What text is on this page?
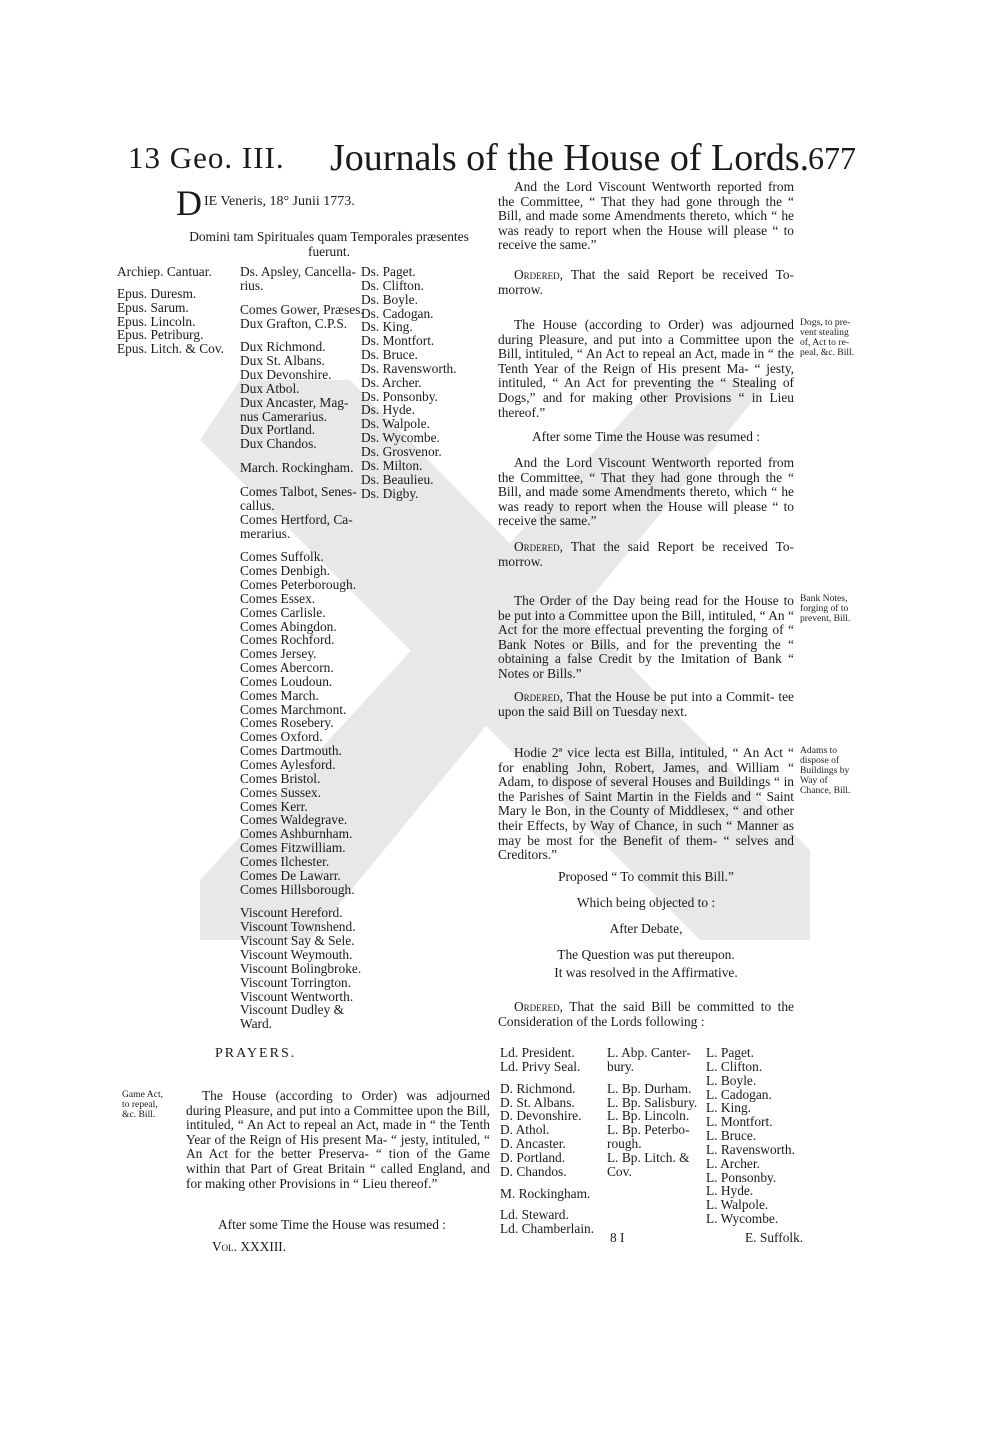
13 Geo. III. Journals of the House of Lords.
677
D IE Veneris, 18° Junii 1773.
Domini tam Spirituales quam Temporales præsentes
fuerunt.
Archiep. Cantuar.
Epus. Duresm.
Epus. Sarum.
Epus. Lincoln.
Epus. Petriburg.
Epus. Litch. & Cov.
Ds. Apsley, Cancella-
rius.
Comes Gower, Præses.
Dux Grafton, C.P.S.
Dux Richmond.
Dux St. Albans.
Dux Devonshire.
Dux Atbol.
Dux Ancaster, Mag-
nus Camerarius.
Dux Portland.
Dux Chandos.
March. Rockingham.
Comes Talbot, Senes-
callus.
Comes Hertford, Ca-
merarius.
Comes Suffolk.
Comes Denbigh.
Comes Peterborough.
Comes Essex.
Comes Carlisle.
Comes Abingdon.
Comes Rochford.
Comes Jersey.
Comes Abercorn.
Comes Loudoun.
Comes March.
Comes Marchmont.
Comes Rosebery.
Comes Oxford.
Comes Dartmouth.
Comes Aylesford.
Comes Bristol.
Comes Sussex.
Comes Kerr.
Comes Waldegrave.
Comes Ashburnham.
Comes Fitzwilliam.
Comes Ilchester.
Comes De Lawarr.
Comes Hillsborough.
Viscount Hereford.
Viscount Townshend.
Viscount Say & Sele.
Viscount Weymouth.
Viscount Bolingbroke.
Viscount Torrington.
Viscount Wentworth.
Viscount Dudley &
Ward.
Ds. Paget.
Ds. Clifton.
Ds. Boyle.
Ds. Cadogan.
Ds. King.
Ds. Montfort.
Ds. Bruce.
Ds. Ravensworth.
Ds. Archer.
Ds. Ponsonby.
Ds. Hyde.
Ds. Walpole.
Ds. Wycombe.
Ds. Grosvenor.
Ds. Milton.
Ds. Beaulieu.
Ds. Digby.
PRAYERS.
Game Act,
to repeal,
&c. Bill.
The House (according to Order) was adjourned during Pleasure, and put into a Committee upon the Bill, intituled, “ An Act to repeal an Act, made in “ the Tenth Year of the Reign of His present Ma- “ jesty, intituled, “ An Act for the better Preserva- “ tion of the Game within that Part of Great Britain “ called England, and for making other Provisions in “ Lieu thereof.”
After some Time the House was resumed :
Vol. XXXIII.
And the Lord Viscount Wentworth reported from the Committee, “ That they had gone through the “ Bill, and made some Amendments thereto, which “ he was ready to report when the House will please “ to receive the same.”
Ordered, That the said Report be received To- morrow.
Dogs, to pre-
vent stealing
of, Act to re-
peal, &c. Bill.
The House (according to Order) was adjourned during Pleasure, and put into a Committee upon the Bill, intituled, “ An Act to repeal an Act, made in “ the Tenth Year of the Reign of His present Ma- “ jesty, intituled, “ An Act for preventing the “ Stealing of Dogs,” and for making other Provisions “ in Lieu thereof.”
After some Time the House was resumed :
And the Lord Viscount Wentworth reported from the Committee, “ That they had gone through the “ Bill, and made some Amendments thereto, which “ he was ready to report when the House will please “ to receive the same.”
Ordered, That the said Report be received To- morrow.
Bank Notes,
forging of to
prevent, Bill.
The Order of the Day being read for the House to be put into a Committee upon the Bill, intituled, “ An “ Act for the more effectual preventing the forging of “ Bank Notes or Bills, and for the preventing the “ obtaining a false Credit by the Imitation of Bank “ Notes or Bills.”
Ordered, That the House be put into a Commit- tee upon the said Bill on Tuesday next.
Adams to
dispose of
Buildings by
Way of
Chance, Bill.
Hodie 2ª vice lecta est Billa, intituled, “ An Act “ for enabling John, Robert, James, and William “ Adam, to dispose of several Houses and Buildings “ in the Parishes of Saint Martin in the Fields and “ Saint Mary le Bon, in the County of Middlesex, “ and other their Effects, by Way of Chance, in such “ Manner as may be most for the Benefit of them- “ selves and Creditors.”
Proposed “ To commit this Bill.”
Which being objected to :
After Debate,
The Question was put thereupon.
It was resolved in the Affirmative.
Ordered, That the said Bill be committed to the Consideration of the Lords following :
Ld. President.
Ld. Privy Seal.
D. Richmond.
D. St. Albans.
D. Devonshire.
D. Athol.
D. Ancaster.
D. Portland.
D. Chandos.
M. Rockingham.
Ld. Steward.
Ld. Chamberlain.
L. Abp. Canter-
bury.
L. Bp. Durham.
L. Bp. Salisbury.
L. Bp. Lincoln.
L. Bp. Peterbo-
rough.
L. Bp. Litch. &
Cov.
L. Paget.
L. Clifton.
L. Boyle.
L. Cadogan.
L. King.
L. Montfort.
L. Bruce.
L. Ravensworth.
L. Archer.
L. Ponsonby.
L. Hyde.
L. Walpole.
L. Wycombe.
8 I	E. Suffolk.
